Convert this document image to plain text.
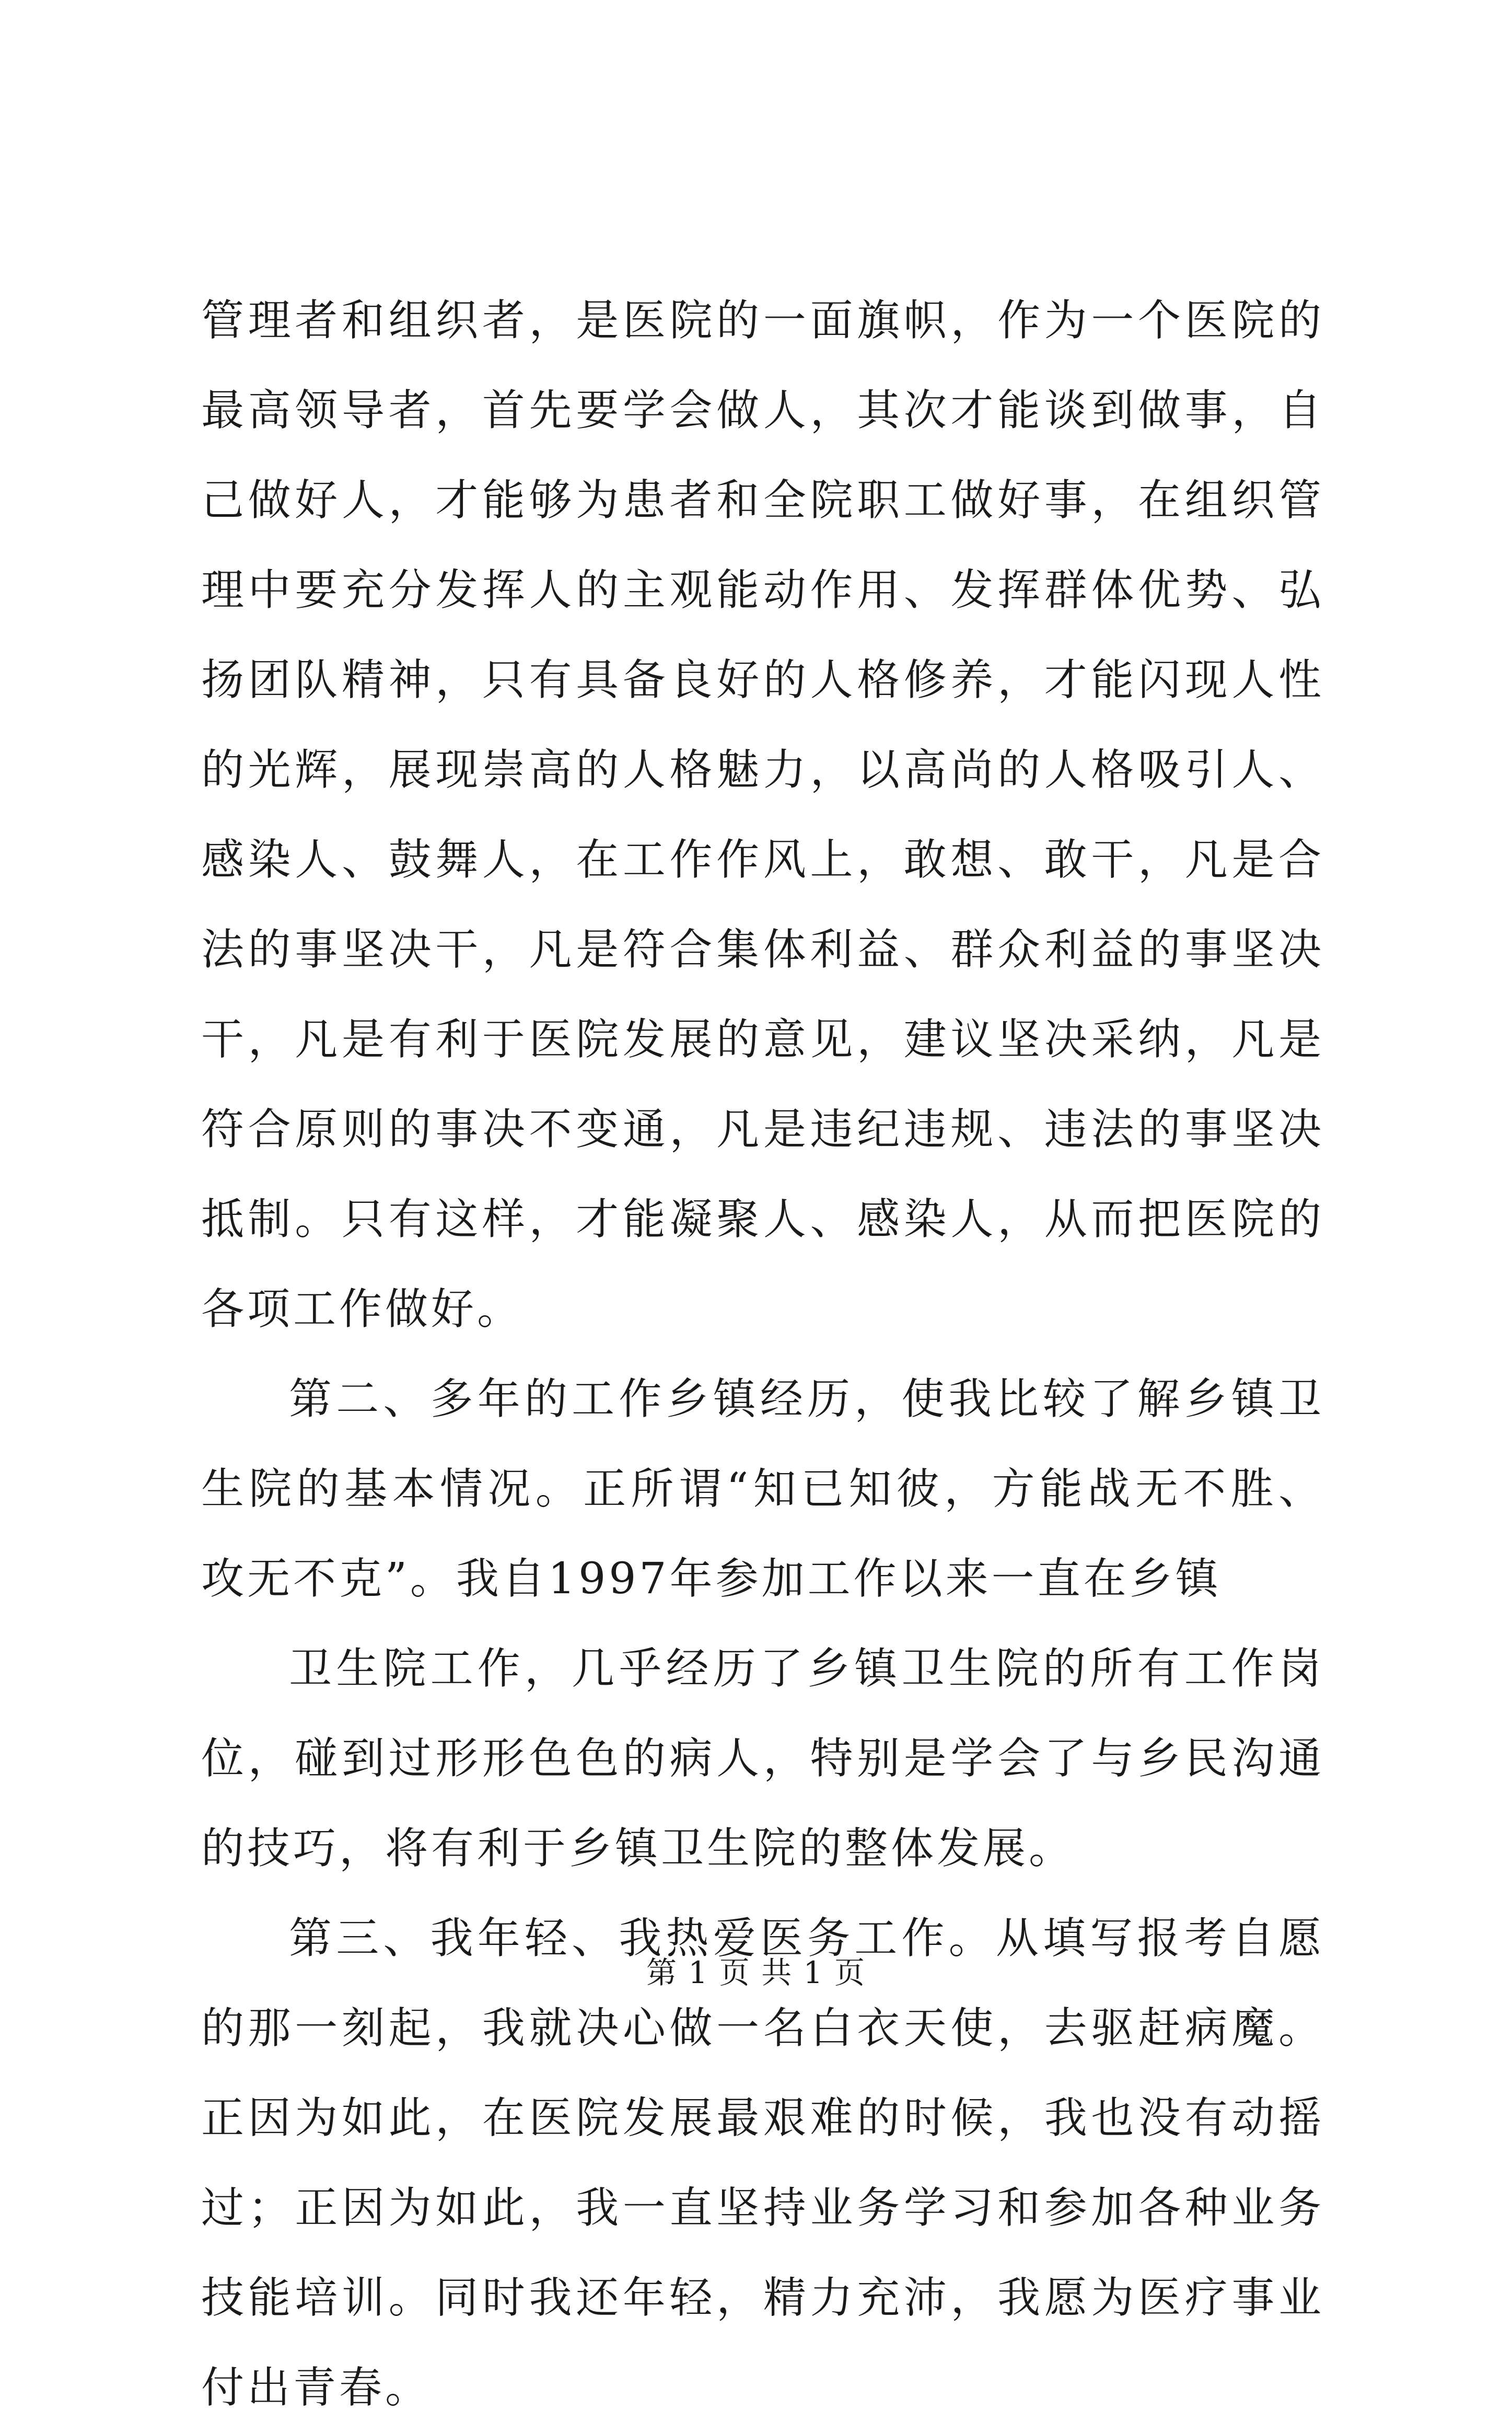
管理者和组织者，是医院的一面旗帜，作为一个医院的最高领导者，首先要学会做人，其次才能谈到做事，自己做好人，才能够为患者和全院职工做好事，在组织管理中要充分发挥人的主观能动作用、发挥群体优势、弘扬团队精神，只有具备良好的人格修养，才能闪现人性的光辉，展现崇高的人格魅力，以高尚的人格吸引人、感染人、鼓舞人，在工作作风上，敢想、敢干，凡是合法的事坚决干，凡是符合集体利益、群众利益的事坚决干，凡是有利于医院发展的意见，建议坚决采纳，凡是符合原则的事决不变通，凡是违纪违规、违法的事坚决抵制。只有这样，才能凝聚人、感染人，从而把医院的各项工作做好。

第二、多年的工作乡镇经历，使我比较了解乡镇卫生院的基本情况。正所谓“知已知彼，方能战无不胜、攻无不克”。我自1997年参加工作以来一直在乡镇

卫生院工作，几乎经历了乡镇卫生院的所有工作岗位，碰到过形形色色的病人，特别是学会了与乡民沟通的技巧，将有利于乡镇卫生院的整体发展。

第三、我年轻、我热爱医务工作。从填写报考自愿的那一刻起，我就决心做一名白衣天使，去驱赶病魔。正因为如此，在医院发展最艰难的时候，我也没有动摇过；正因为如此，我一直坚持业务学习和参加各种业务技能培训。同时我还年轻，精力充沛，我愿为医疗事业付出青春。

第 1 页 共 1 页
